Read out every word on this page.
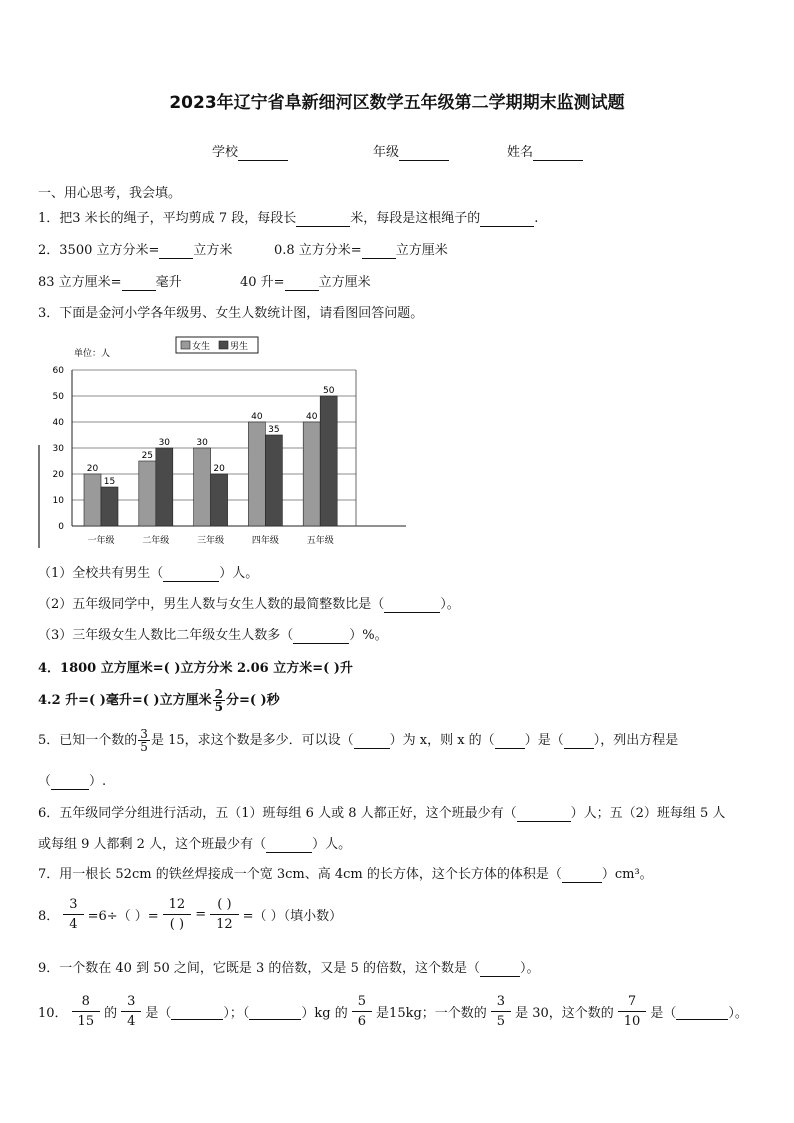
2023年辽宁省阜新细河区数学五年级第二学期期末监测试题
学校	年级	姓名
一、用心思考，我会填。
1．把3 米长的绳子，平均剪成 7 段，每段长	米，每段是这根绳子的	.
2．3500 立方分米=	立方米	0.8 立方分米=	立方厘米
83 立方厘米=	毫升	40 升=	立方厘米
3．下面是金河小学各年级男、女生人数统计图，请看图回答问题。
0
10
20
30
40
50
60
20
15
一年级
25
30
二年级
30
20
三年级
40
35
四年级
40
50
五年级
单位：人
女生 男生
（1）全校共有男生（	）人。
（2）五年级同学中，男生人数与女生人数的最简整数比是（	）。
（3）三年级女生人数比二年级女生人数多（	）%。
4．1800 立方厘米=( )立方分米 2.06 立方米=( )升
4.2 升=( )毫升=( )立方厘米 $\frac{2}{5}$ 分=( )秒
5．已知一个数的 $\frac{3}{5}$ 是 15，求这个数是多少．可以设（	）为 x，则 x 的（ ）是（ ），列出方程是
（	）.
6．五年级同学分组进行活动，五（1）班每组 6 人或 8 人都正好，这个班最少有（	）人；五（2）班每组 5 人
或每组 9 人都剩 2 人，这个班最少有（	）人。
7．用一根长 52cm 的铁丝焊接成一个宽 3cm、高 4cm 的长方体，这个长方体的体积是（	）cm³。
8． $\frac{3}{4} =6\div$（ ）=
12
( )
=
( )
12
=（ ）（填小数）
9．一个数在 40 到 50 之间，它既是 3 的倍数，又是 5 的倍数，这个数是（	）。
10． $\frac{8}{15}$ 的 $\frac{3}{4}$ 是（	）；（	）kg 的 $\frac{5}{6}$ 是15kg；一个数的 $\frac{3}{5}$ 是 30，这个数的 $\frac{7}{10}$ 是（	）。
